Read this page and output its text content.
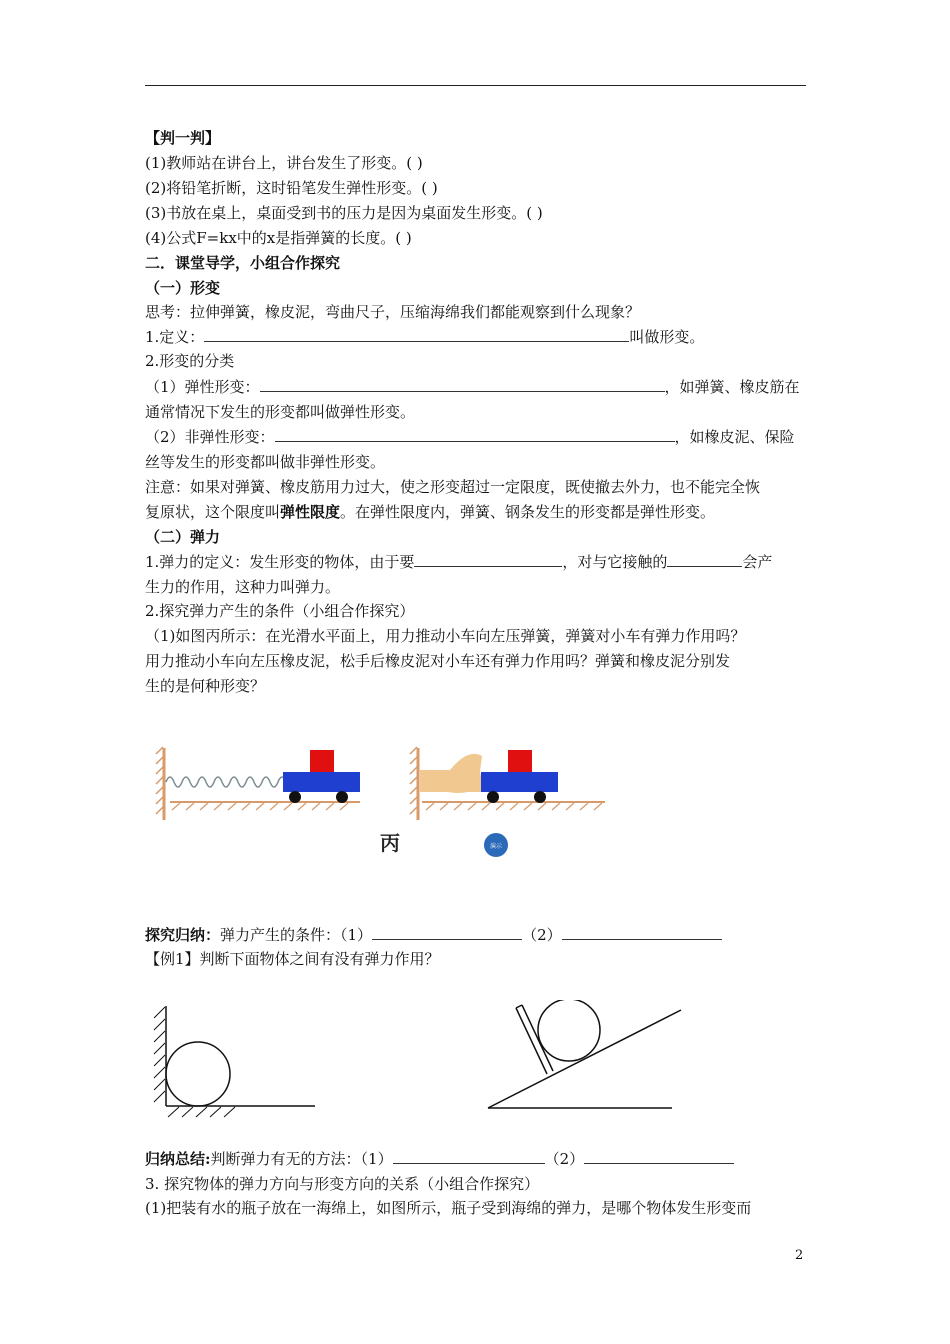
【判一判】
(1)教师站在讲台上，讲台发生了形变。( )
(2)将铅笔折断，这时铅笔发生弹性形变。( )
(3)书放在桌上，桌面受到书的压力是因为桌面发生形变。( )
(4)公式F=kx中的x是指弹簧的长度。( )
二．课堂导学，小组合作探究
（一）形变
思考：拉伸弹簧，橡皮泥，弯曲尺子，压缩海绵我们都能观察到什么现象？
1.定义：	叫做形变。
2.形变的分类
（1）弹性形变：	，如弹簧、橡皮筋在
通常情况下发生的形变都叫做弹性形变。
（2）非弹性形变：	，如橡皮泥、保险
丝等发生的形变都叫做非弹性形变。
注意：如果对弹簧、橡皮筋用力过大，使之形变超过一定限度，既使撤去外力，也不能完全恢
复原状，这个限度叫弹性限度。在弹性限度内，弹簧、钢条发生的形变都是弹性形变。
（二）弹力
1.弹力的定义：发生形变的物体，由于要	，对与它接触的	会产
生力的作用，这种力叫弹力。
2.探究弹力产生的条件（小组合作探究）
（1)如图丙所示：在光滑水平面上，用力推动小车向左压弹簧，弹簧对小车有弹力作用吗？
用力推动小车向左压橡皮泥，松手后橡皮泥对小车还有弹力作用吗？弹簧和橡皮泥分别发
生的是何种形变？
丙	演示
探究归纳：弹力产生的条件：（1）	（2）
【例1】判断下面物体之间有没有弹力作用？
归纳总结:判断弹力有无的方法：（1）	（2）
3. 探究物体的弹力方向与形变方向的关系（小组合作探究）
(1)把装有水的瓶子放在一海绵上，如图所示，瓶子受到海绵的弹力，是哪个物体发生形变而
2
